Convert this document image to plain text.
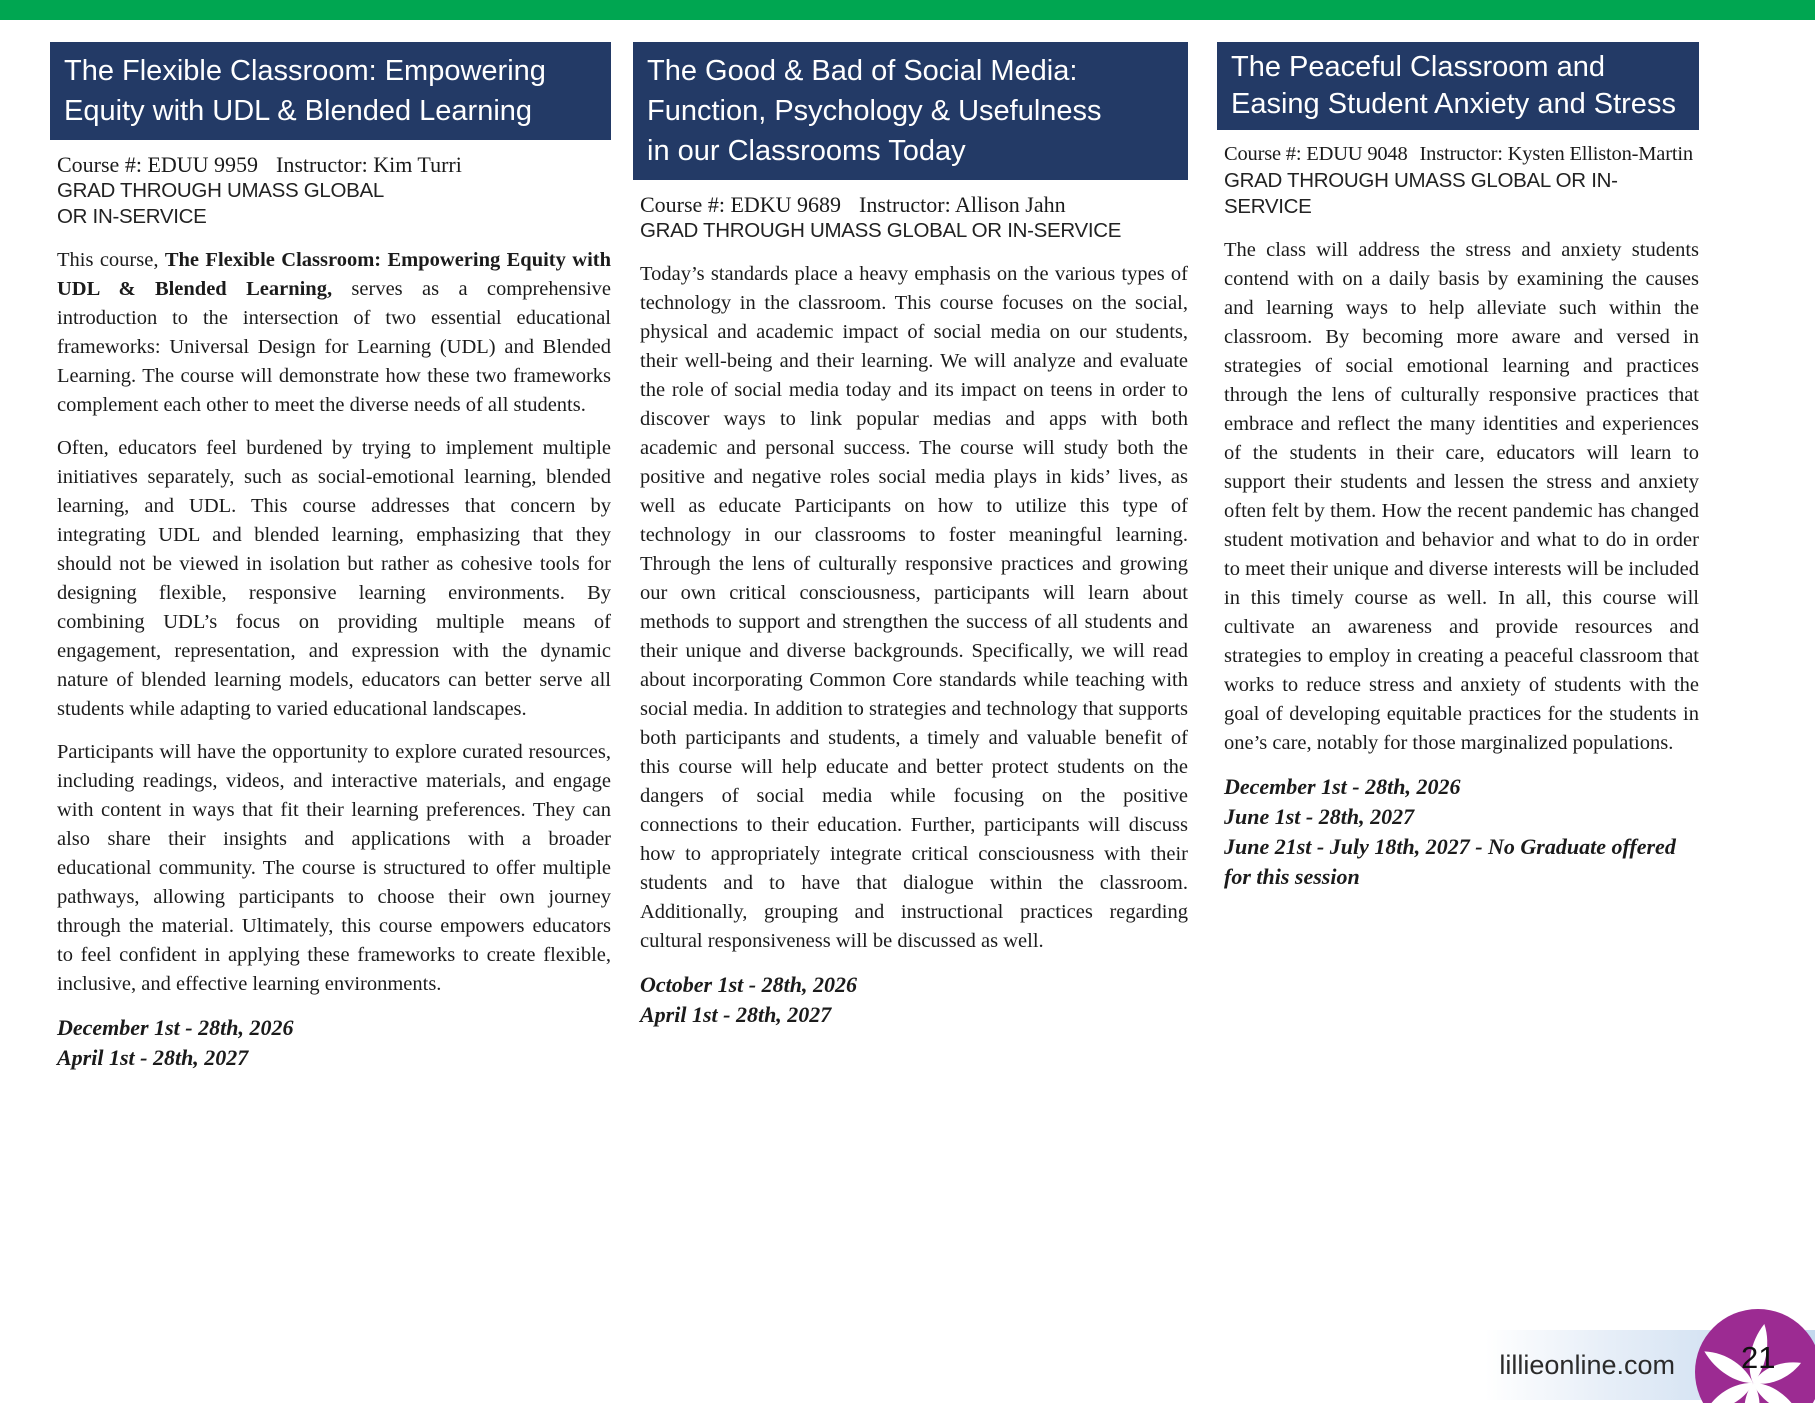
The Flexible Classroom: Empowering
Equity with UDL & Blended Learning
Course #: EDUU 9959 Instructor: Kim Turri
GRAD THROUGH UMASS GLOBAL
OR IN-SERVICE

This course, The Flexible Classroom: Empowering Equity with UDL & Blended Learning, serves as a comprehensive introduction to the intersection of two essential educational frameworks: Universal Design for Learning (UDL) and Blended Learning. The course will demonstrate how these two frameworks complement each other to meet the diverse needs of all students.

Often, educators feel burdened by trying to implement multiple initiatives separately, such as social-emotional learning, blended learning, and UDL. This course addresses that concern by integrating UDL and blended learning, emphasizing that they should not be viewed in isolation but rather as cohesive tools for designing flexible, responsive learning environments. By combining UDL’s focus on providing multiple means of engagement, representation, and expression with the dynamic nature of blended learning models, educators can better serve all students while adapting to varied educational landscapes.

Participants will have the opportunity to explore curated resources, including readings, videos, and interactive materials, and engage with content in ways that fit their learning preferences. They can also share their insights and applications with a broader educational community. The course is structured to offer multiple pathways, allowing participants to choose their own journey through the material. Ultimately, this course empowers educators to feel confident in applying these frameworks to create flexible, inclusive, and effective learning environments.

December 1st - 28th, 2026
April 1st - 28th, 2027
The Good & Bad of Social Media:
Function, Psychology & Usefulness
in our Classrooms Today
Course #: EDKU 9689 Instructor: Allison Jahn
GRAD THROUGH UMASS GLOBAL OR IN-SERVICE

Today’s standards place a heavy emphasis on the various types of technology in the classroom. This course focuses on the social, physical and academic impact of social media on our students, their well-being and their learning. We will analyze and evaluate the role of social media today and its impact on teens in order to discover ways to link popular medias and apps with both academic and personal success. The course will study both the positive and negative roles social media plays in kids’ lives, as well as educate Participants on how to utilize this type of technology in our classrooms to foster meaningful learning. Through the lens of culturally responsive practices and growing our own critical consciousness, participants will learn about methods to support and strengthen the success of all students and their unique and diverse backgrounds. Specifically, we will read about incorporating Common Core standards while teaching with social media. In addition to strategies and technology that supports both participants and students, a timely and valuable benefit of this course will help educate and better protect students on the dangers of social media while focusing on the positive connections to their education. Further, participants will discuss how to appropriately integrate critical consciousness with their students and to have that dialogue within the classroom. Additionally, grouping and instructional practices regarding cultural responsiveness will be discussed as well.

October 1st - 28th, 2026
April 1st - 28th, 2027
The Peaceful Classroom and
Easing Student Anxiety and Stress
Course #: EDUU 9048 Instructor: Kysten Elliston-Martin
GRAD THROUGH UMASS GLOBAL OR IN-SERVICE

The class will address the stress and anxiety students contend with on a daily basis by examining the causes and learning ways to help alleviate such within the classroom. By becoming more aware and versed in strategies of social emotional learning and practices through the lens of culturally responsive practices that embrace and reflect the many identities and experiences of the students in their care, educators will learn to support their students and lessen the stress and anxiety often felt by them. How the recent pandemic has changed student motivation and behavior and what to do in order to meet their unique and diverse interests will be included in this timely course as well. In all, this course will cultivate an awareness and provide resources and strategies to employ in creating a peaceful classroom that works to reduce stress and anxiety of students with the goal of developing equitable practices for the students in one’s care, notably for those marginalized populations.

December 1st - 28th, 2026
June 1st - 28th, 2027
June 21st - July 18th, 2027 - No Graduate offered for this session
lillieonline.com 21
